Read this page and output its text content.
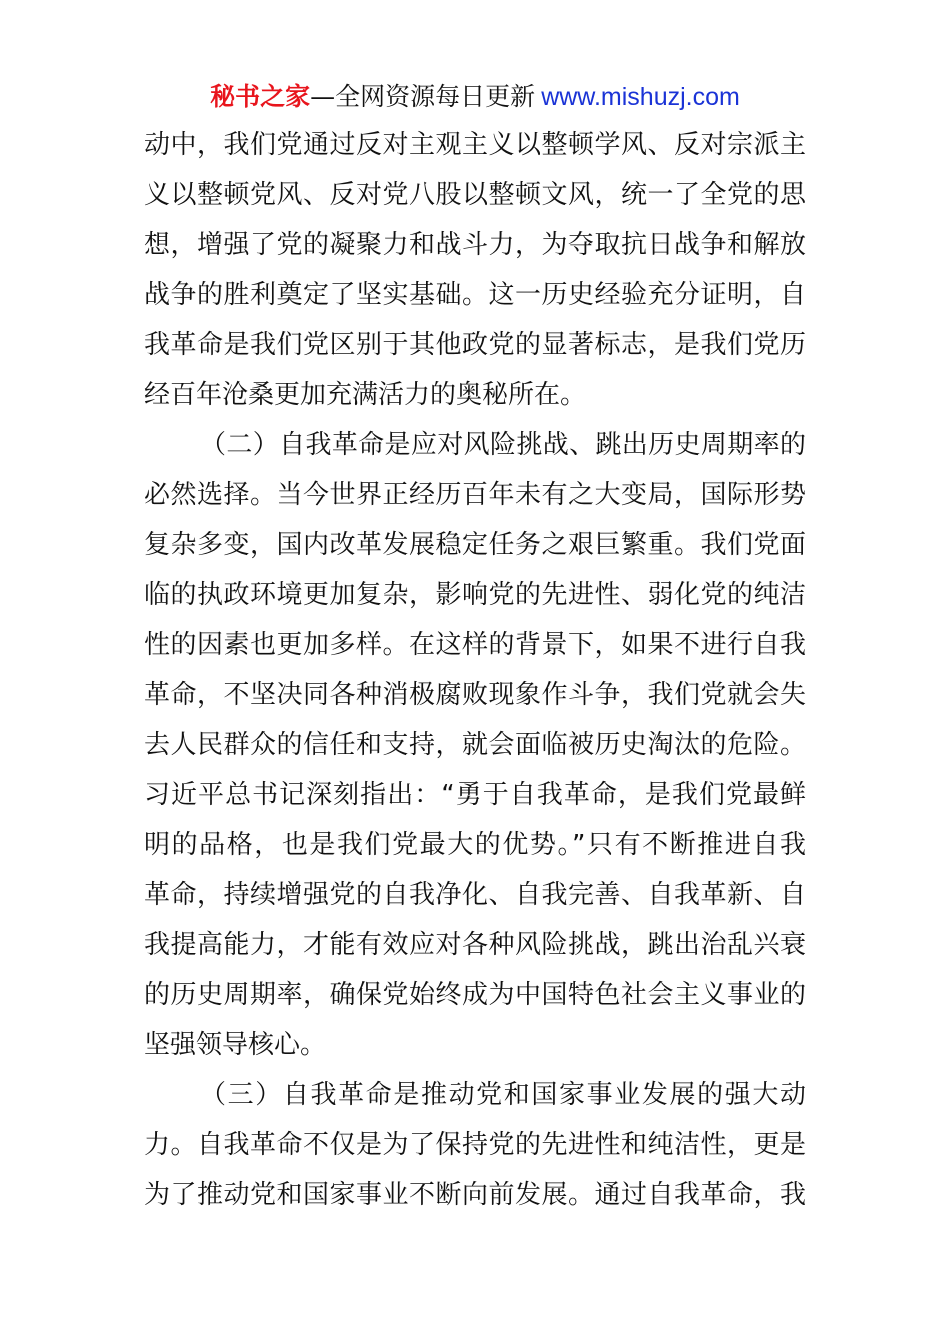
秘书之家—全网资源每日更新 www.mishuzj.com
动中，我们党通过反对主观主义以整顿学风、反对宗派主
义以整顿党风、反对党八股以整顿文风，统一了全党的思
想，增强了党的凝聚力和战斗力，为夺取抗日战争和解放
战争的胜利奠定了坚实基础。这一历史经验充分证明，自
我革命是我们党区别于其他政党的显著标志，是我们党历
经百年沧桑更加充满活力的奥秘所在。
（二）自我革命是应对风险挑战、跳出历史周期率的
必然选择。当今世界正经历百年未有之大变局，国际形势
复杂多变，国内改革发展稳定任务之艰巨繁重。我们党面
临的执政环境更加复杂，影响党的先进性、弱化党的纯洁
性的因素也更加多样。在这样的背景下，如果不进行自我
革命，不坚决同各种消极腐败现象作斗争，我们党就会失
去人民群众的信任和支持，就会面临被历史淘汰的危险。
习近平总书记深刻指出：“勇于自我革命，是我们党最鲜
明的品格，也是我们党最大的优势。”只有不断推进自我
革命，持续增强党的自我净化、自我完善、自我革新、自
我提高能力，才能有效应对各种风险挑战，跳出治乱兴衰
的历史周期率，确保党始终成为中国特色社会主义事业的
坚强领导核心。
（三）自我革命是推动党和国家事业发展的强大动
力。自我革命不仅是为了保持党的先进性和纯洁性，更是
为了推动党和国家事业不断向前发展。通过自我革命，我
